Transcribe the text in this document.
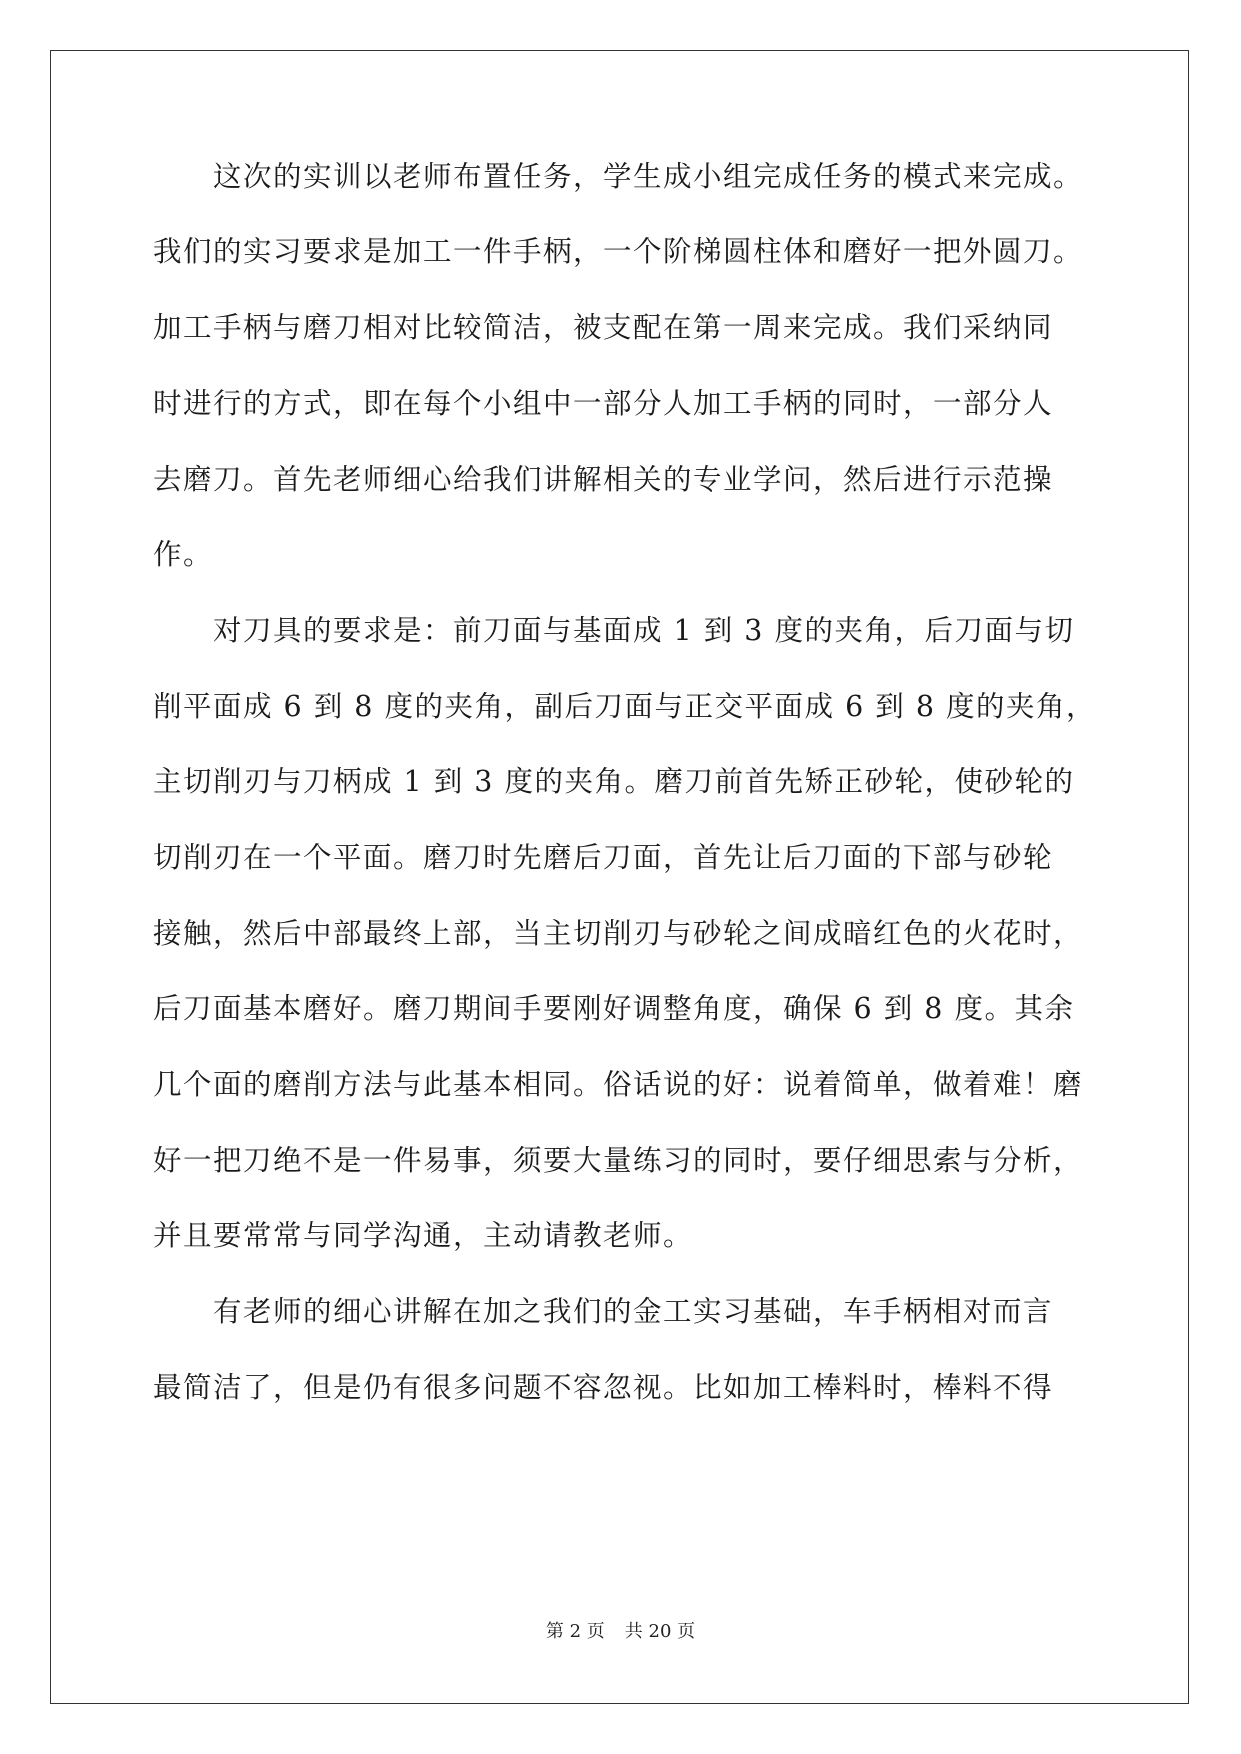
　　这次的实训以老师布置任务，学生成小组完成任务的模式来完成。
我们的实习要求是加工一件手柄，一个阶梯圆柱体和磨好一把外圆刀。
加工手柄与磨刀相对比较简洁，被支配在第一周来完成。我们采纳同
时进行的方式，即在每个小组中一部分人加工手柄的同时，一部分人
去磨刀。首先老师细心给我们讲解相关的专业学问，然后进行示范操
作。
　　对刀具的要求是：前刀面与基面成 1 到 3 度的夹角，后刀面与切
削平面成 6 到 8 度的夹角，副后刀面与正交平面成 6 到 8 度的夹角，
主切削刃与刀柄成 1 到 3 度的夹角。磨刀前首先矫正砂轮，使砂轮的
切削刃在一个平面。磨刀时先磨后刀面，首先让后刀面的下部与砂轮
接触，然后中部最终上部，当主切削刃与砂轮之间成暗红色的火花时，
后刀面基本磨好。磨刀期间手要刚好调整角度，确保 6 到 8 度。其余
几个面的磨削方法与此基本相同。俗话说的好：说着简单，做着难！磨
好一把刀绝不是一件易事，须要大量练习的同时，要仔细思索与分析，
并且要常常与同学沟通，主动请教老师。
　　有老师的细心讲解在加之我们的金工实习基础，车手柄相对而言
最简洁了，但是仍有很多问题不容忽视。比如加工棒料时，棒料不得
第 2 页 共 20 页
